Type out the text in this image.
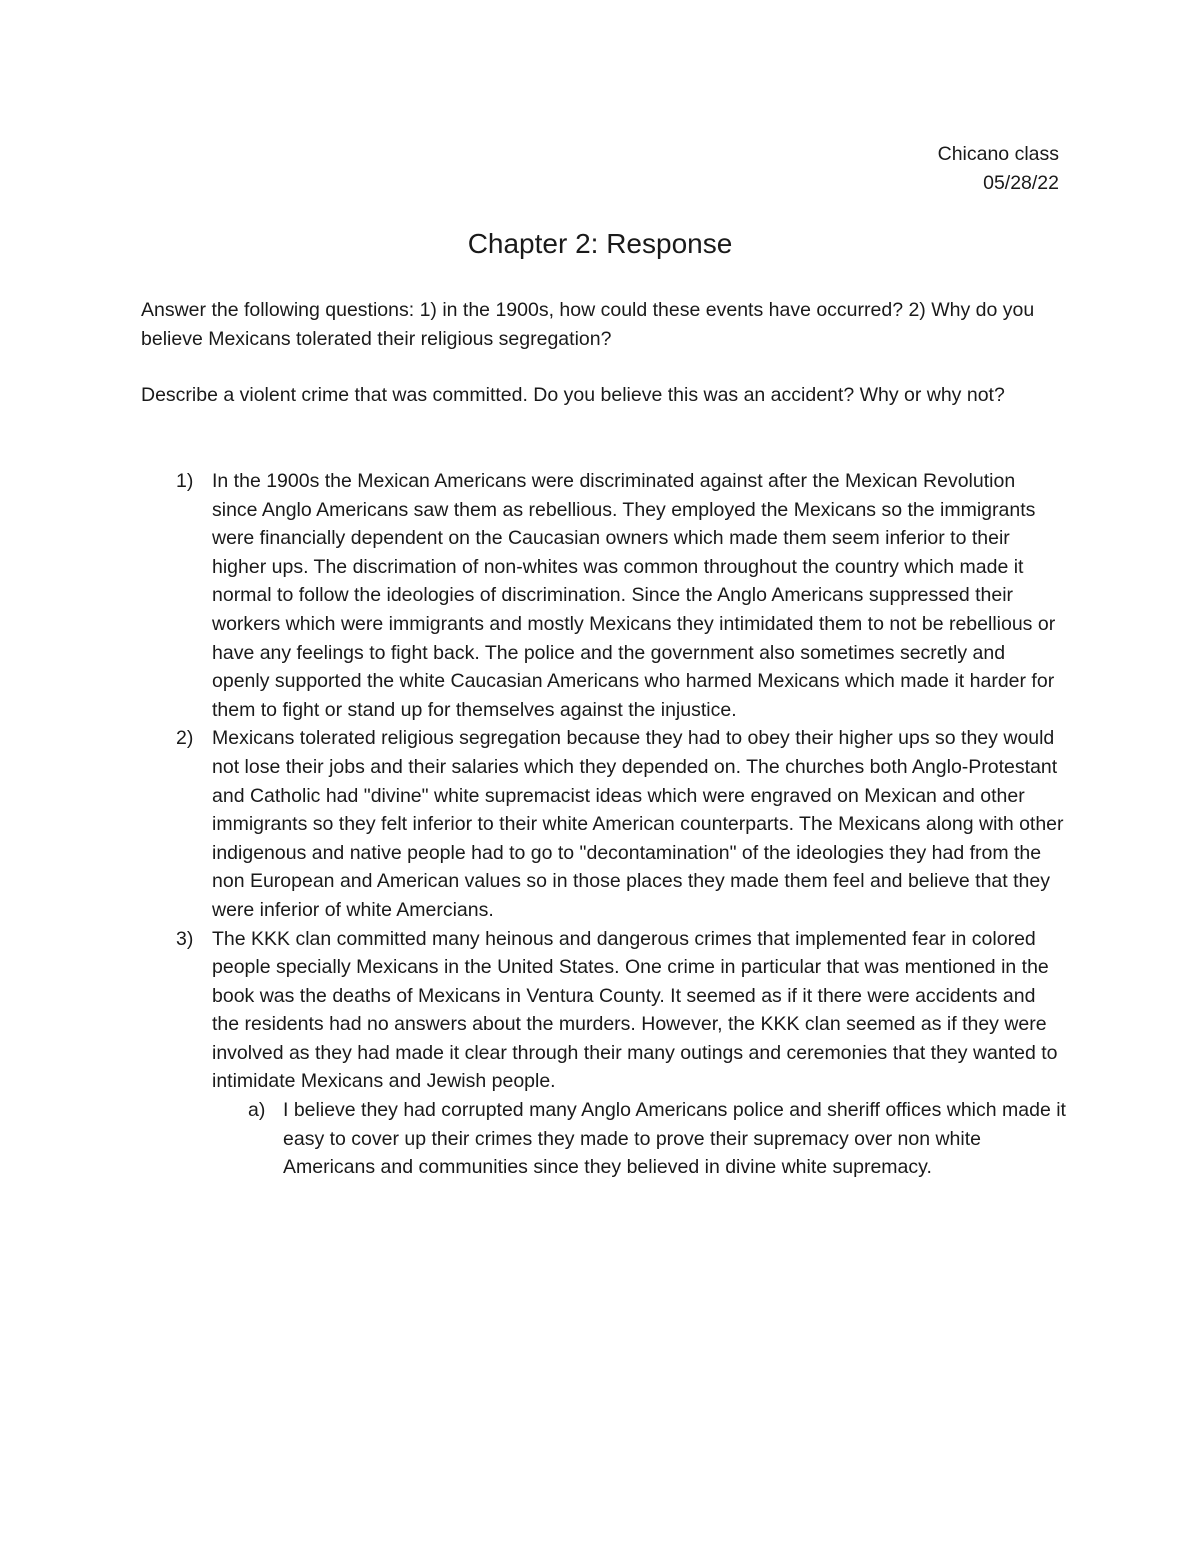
Chicano class
05/28/22
Chapter 2: Response

Answer the following questions: 1) in the 1900s, how could these events have occurred? 2) Why do you believe Mexicans tolerated their religious segregation?

Describe a violent crime that was committed. Do you believe this was an accident? Why or why not?

1) In the 1900s the Mexican Americans were discriminated against after the Mexican Revolution since Anglo Americans saw them as rebellious. They employed the Mexicans so the immigrants were financially dependent on the Caucasian owners which made them seem inferior to their higher ups. The discrimation of non-whites was common throughout the country which made it normal to follow the ideologies of discrimination. Since the Anglo Americans suppressed their workers which were immigrants and mostly Mexicans they intimidated them to not be rebellious or have any feelings to fight back. The police and the government also sometimes secretly and openly supported the white Caucasian Americans who harmed Mexicans which made it harder for them to fight or stand up for themselves against the injustice.
2) Mexicans tolerated religious segregation because they had to obey their higher ups so they would not lose their jobs and their salaries which they depended on. The churches both Anglo-Protestant and Catholic had "divine" white supremacist ideas which were engraved on Mexican and other immigrants so they felt inferior to their white American counterparts. The Mexicans along with other indigenous and native people had to go to "decontamination" of the ideologies they had from the non European and American values so in those places they made them feel and believe that they were inferior of white Amercians.
3) The KKK clan committed many heinous and dangerous crimes that implemented fear in colored people specially Mexicans in the United States. One crime in particular that was mentioned in the book was the deaths of Mexicans in Ventura County. It seemed as if it there were accidents and the residents had no answers about the murders. However, the KKK clan seemed as if they were involved as they had made it clear through their many outings and ceremonies that they wanted to intimidate Mexicans and Jewish people.
a) I believe they had corrupted many Anglo Americans police and sheriff offices which made it easy to cover up their crimes they made to prove their supremacy over non white Americans and communities since they believed in divine white supremacy.
